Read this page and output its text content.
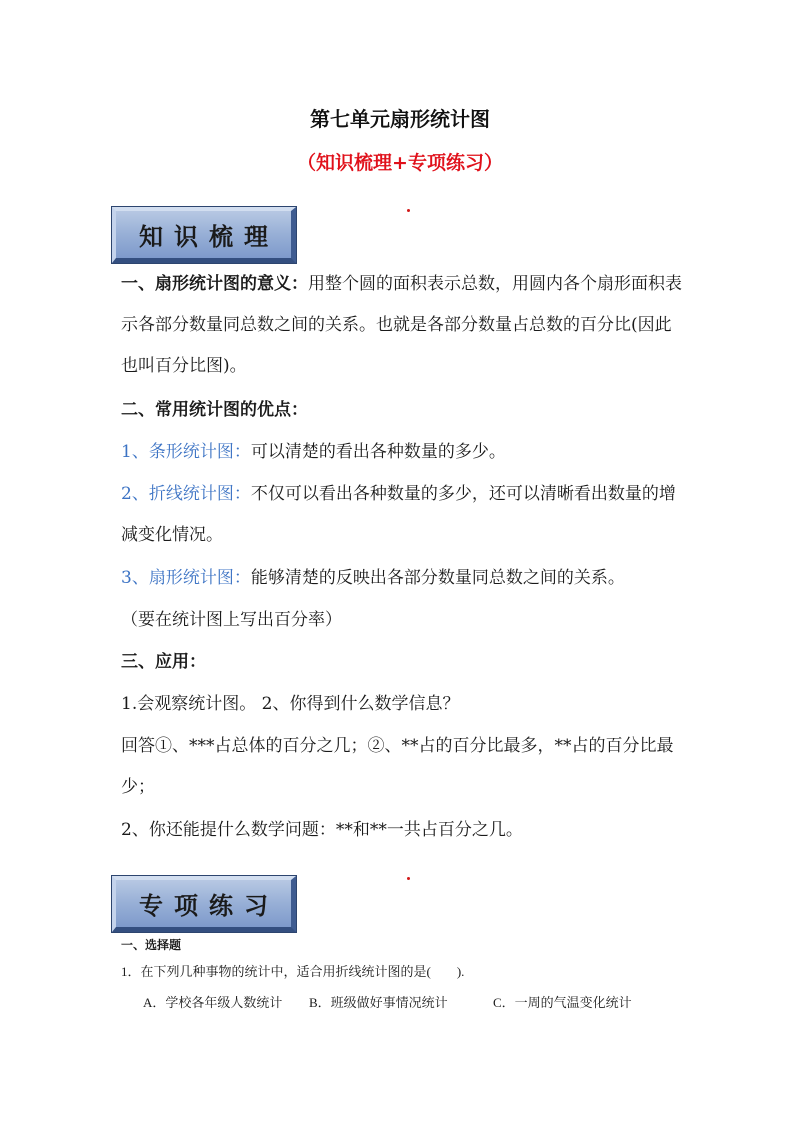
第七单元扇形统计图
（知识梳理+专项练习）
知识梳理
一、扇形统计图的意义：用整个圆的面积表示总数，用圆内各个扇形面积表示各部分数量同总数之间的关系。也就是各部分数量占总数的百分比(因此也叫百分比图)。
二、常用统计图的优点：
1、条形统计图：可以清楚的看出各种数量的多少。
2、折线统计图：不仅可以看出各种数量的多少，还可以清晰看出数量的增减变化情况。
3、扇形统计图：能够清楚的反映出各部分数量同总数之间的关系。
（要在统计图上写出百分率）
三、应用：
1.会观察统计图。 2、你得到什么数学信息？
回答①、***占总体的百分之几；②、**占的百分比最多，**占的百分比最少；
2、你还能提什么数学问题：**和**一共占百分之几。
专项练习
一、选择题
1．在下列几种事物的统计中，适合用折线统计图的是(　　).
A．学校各年级人数统计 B．班级做好事情况统计	C．一周的气温变化统计
